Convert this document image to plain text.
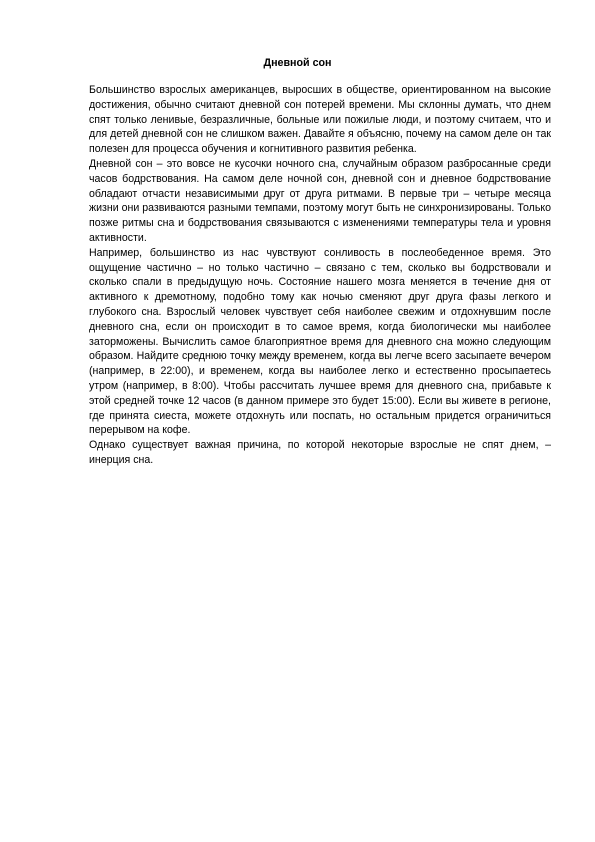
Дневной сон

Большинство взрослых американцев, выросших в обществе, ориентированном на высокие достижения, обычно считают дневной сон потерей времени. Мы склонны думать, что днем спят только ленивые, безразличные, больные или пожилые люди, и поэтому считаем, что и для детей дневной сон не слишком важен. Давайте я объясню, почему на самом деле он так полезен для процесса обучения и когнитивного развития ребенка.

Дневной сон – это вовсе не кусочки ночного сна, случайным образом разбросанные среди часов бодрствования. На самом деле ночной сон, дневной сон и дневное бодрствование обладают отчасти независимыми друг от друга ритмами. В первые три – четыре месяца жизни они развиваются разными темпами, поэтому могут быть не синхронизированы. Только позже ритмы сна и бодрствования связываются с изменениями температуры тела и уровня активности.

Например, большинство из нас чувствуют сонливость в послеобеденное время. Это ощущение частично – но только частично – связано с тем, сколько вы бодрствовали и сколько спали в предыдущую ночь. Состояние нашего мозга меняется в течение дня от активного к дремотному, подобно тому как ночью сменяют друг друга фазы легкого и глубокого сна. Взрослый человек чувствует себя наиболее свежим и отдохнувшим после дневного сна, если он происходит в то самое время, когда биологически мы наиболее заторможены. Вычислить самое благоприятное время для дневного сна можно следующим образом. Найдите среднюю точку между временем, когда вы легче всего засыпаете вечером (например, в 22:00), и временем, когда вы наиболее легко и естественно просыпаетесь утром (например, в 8:00). Чтобы рассчитать лучшее время для дневного сна, прибавьте к этой средней точке 12 часов (в данном примере это будет 15:00). Если вы живете в регионе, где принята сиеста, можете отдохнуть или поспать, но остальным придется ограничиться перерывом на кофе.

Однако существует важная причина, по которой некоторые взрослые не спят днем, – инерция сна.
